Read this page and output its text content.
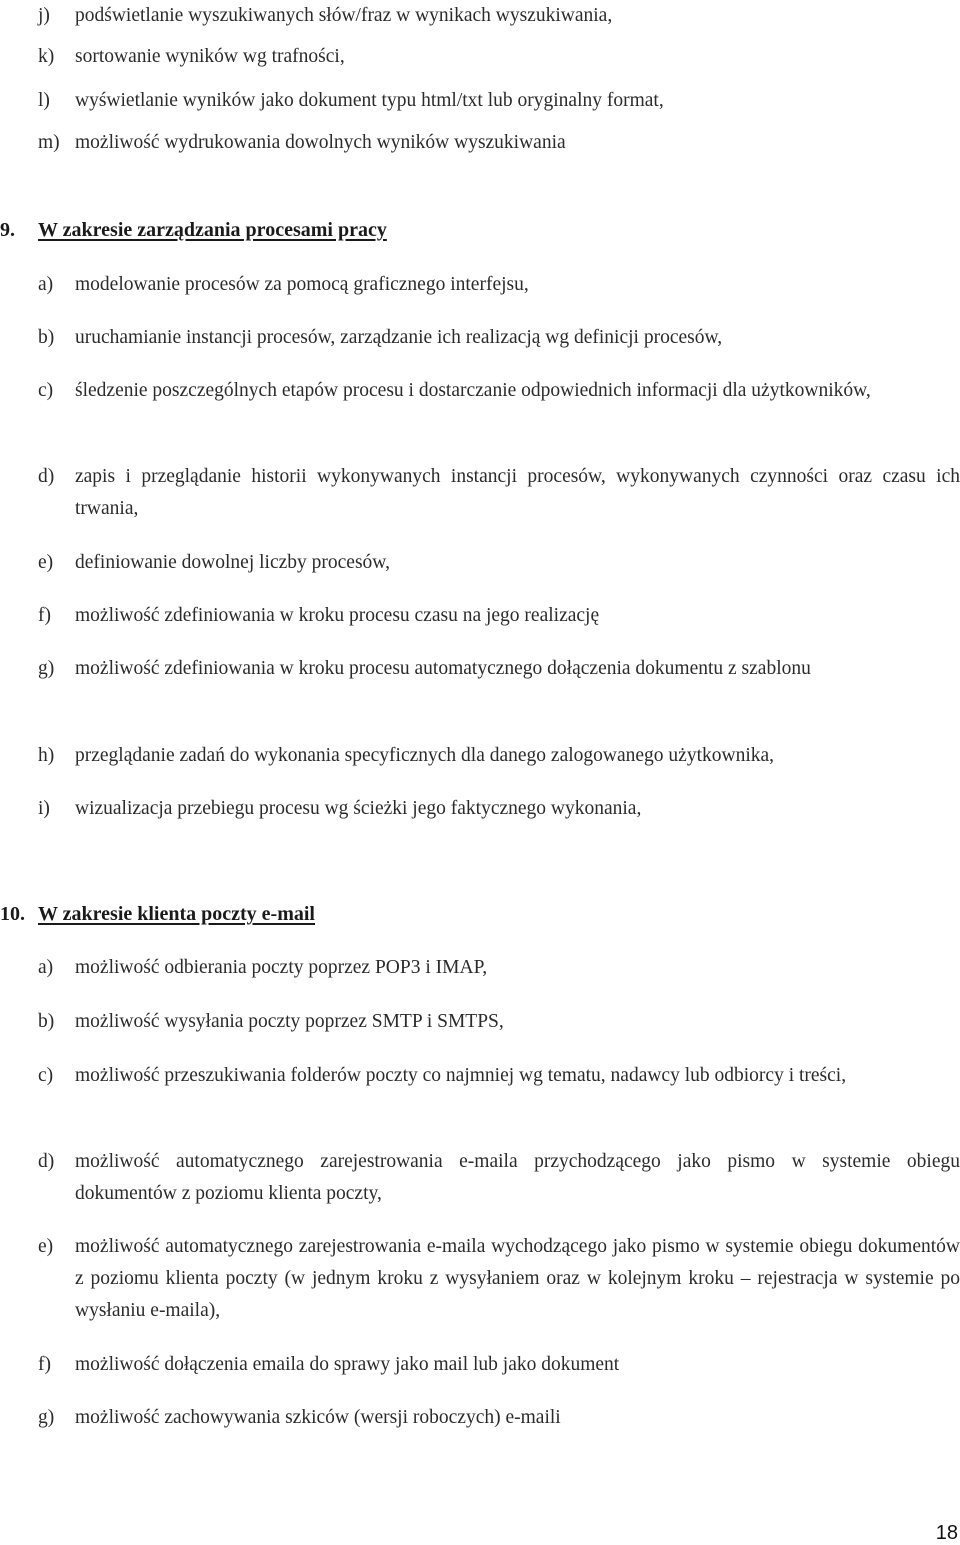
j)	podświetlanie wyszukiwanych słów/fraz w wynikach wyszukiwania,
k)	sortowanie wyników wg trafności,
l)	wyświetlanie wyników jako dokument typu html/txt lub oryginalny format,
m) możliwość wydrukowania dowolnych wyników wyszukiwania
9. W zakresie zarządzania procesami pracy
a)	modelowanie procesów za pomocą graficznego interfejsu,
b)	uruchamianie instancji procesów, zarządzanie ich realizacją wg definicji procesów,
c)	śledzenie poszczególnych etapów procesu i dostarczanie odpowiednich informacji dla użytkowników,
d)	zapis i przeglądanie historii wykonywanych instancji procesów, wykonywanych czynności oraz czasu ich trwania,
e)	definiowanie dowolnej liczby procesów,
f)	możliwość zdefiniowania w kroku procesu czasu na jego realizację
g)	możliwość zdefiniowania w kroku procesu automatycznego dołączenia dokumentu z szablonu
h)	przeglądanie zadań do wykonania specyficznych dla danego zalogowanego użytkownika,
i)	wizualizacja przebiegu procesu wg ścieżki jego faktycznego wykonania,
10. W zakresie klienta poczty e-mail
a)	możliwość odbierania poczty poprzez POP3 i IMAP,
b)	możliwość wysyłania poczty poprzez SMTP i SMTPS,
c)	możliwość przeszukiwania folderów poczty co najmniej wg tematu, nadawcy lub odbiorcy i treści,
d)	możliwość automatycznego zarejestrowania e-maila przychodzącego jako pismo w systemie obiegu dokumentów z poziomu klienta poczty,
e)	możliwość automatycznego zarejestrowania e-maila wychodzącego jako pismo w systemie obiegu dokumentów z poziomu klienta poczty (w jednym kroku z wysyłaniem oraz w kolejnym kroku – rejestracja w systemie po wysłaniu e-maila),
f)	możliwość dołączenia emaila do sprawy jako mail lub jako dokument
g)	możliwość zachowywania szkiców (wersji roboczych) e-maili
18
